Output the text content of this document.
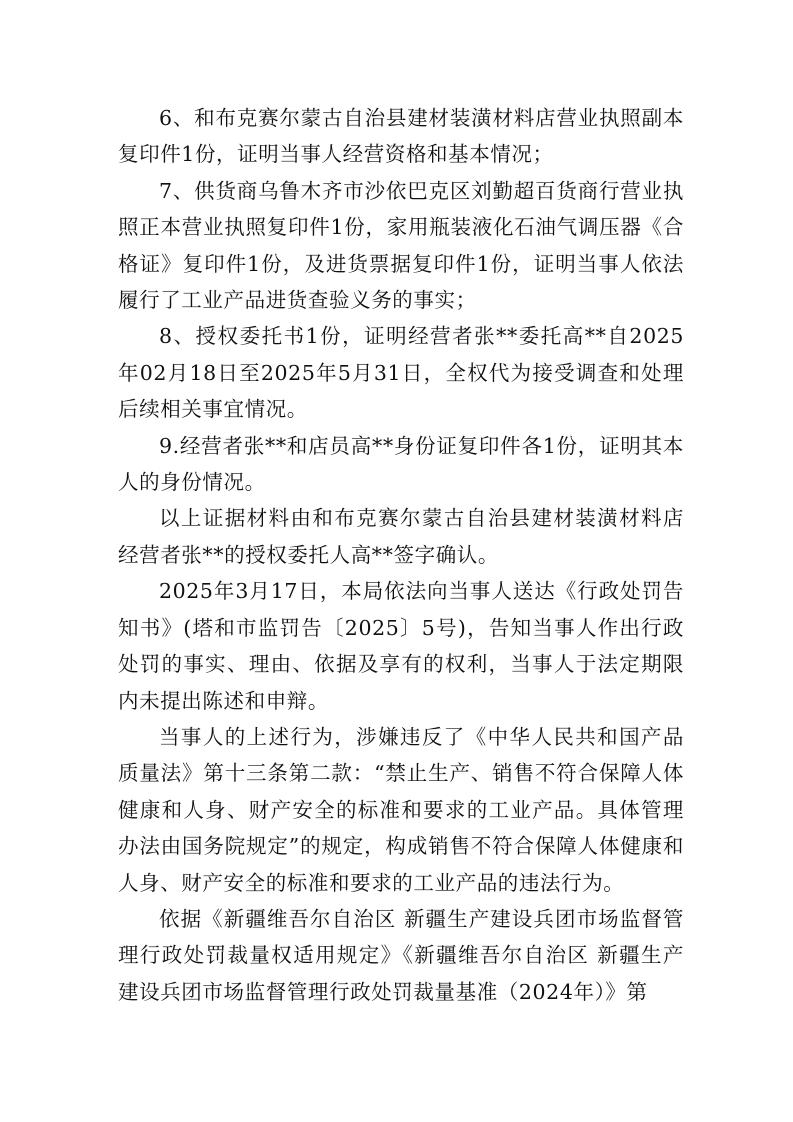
6、和布克赛尔蒙古自治县建材装潢材料店营业执照副本复印件1份，证明当事人经营资格和基本情况；

7、供货商乌鲁木齐市沙依巴克区刘勤超百货商行营业执照正本营业执照复印件1份，家用瓶装液化石油气调压器《合格证》复印件1份，及进货票据复印件1份，证明当事人依法履行了工业产品进货查验义务的事实；

8、授权委托书1份，证明经营者张**委托高**自2025年02月18日至2025年5月31日，全权代为接受调查和处理后续相关事宜情况。

9.经营者张**和店员高**身份证复印件各1份，证明其本人的身份情况。

以上证据材料由和布克赛尔蒙古自治县建材装潢材料店经营者张**的授权委托人高**签字确认。

2025年3月17日，本局依法向当事人送达《行政处罚告知书》(塔和市监罚告〔2025〕5号)，告知当事人作出行政处罚的事实、理由、依据及享有的权利，当事人于法定期限内未提出陈述和申辩。

当事人的上述行为，涉嫌违反了《中华人民共和国产品质量法》第十三条第二款：“禁止生产、销售不符合保障人体健康和人身、财产安全的标准和要求的工业产品。具体管理办法由国务院规定”的规定，构成销售不符合保障人体健康和人身、财产安全的标准和要求的工业产品的违法行为。

依据《新疆维吾尔自治区 新疆生产建设兵团市场监督管理行政处罚裁量权适用规定》《新疆维吾尔自治区 新疆生产建设兵团市场监督管理行政处罚裁量基准（2024年）》第
